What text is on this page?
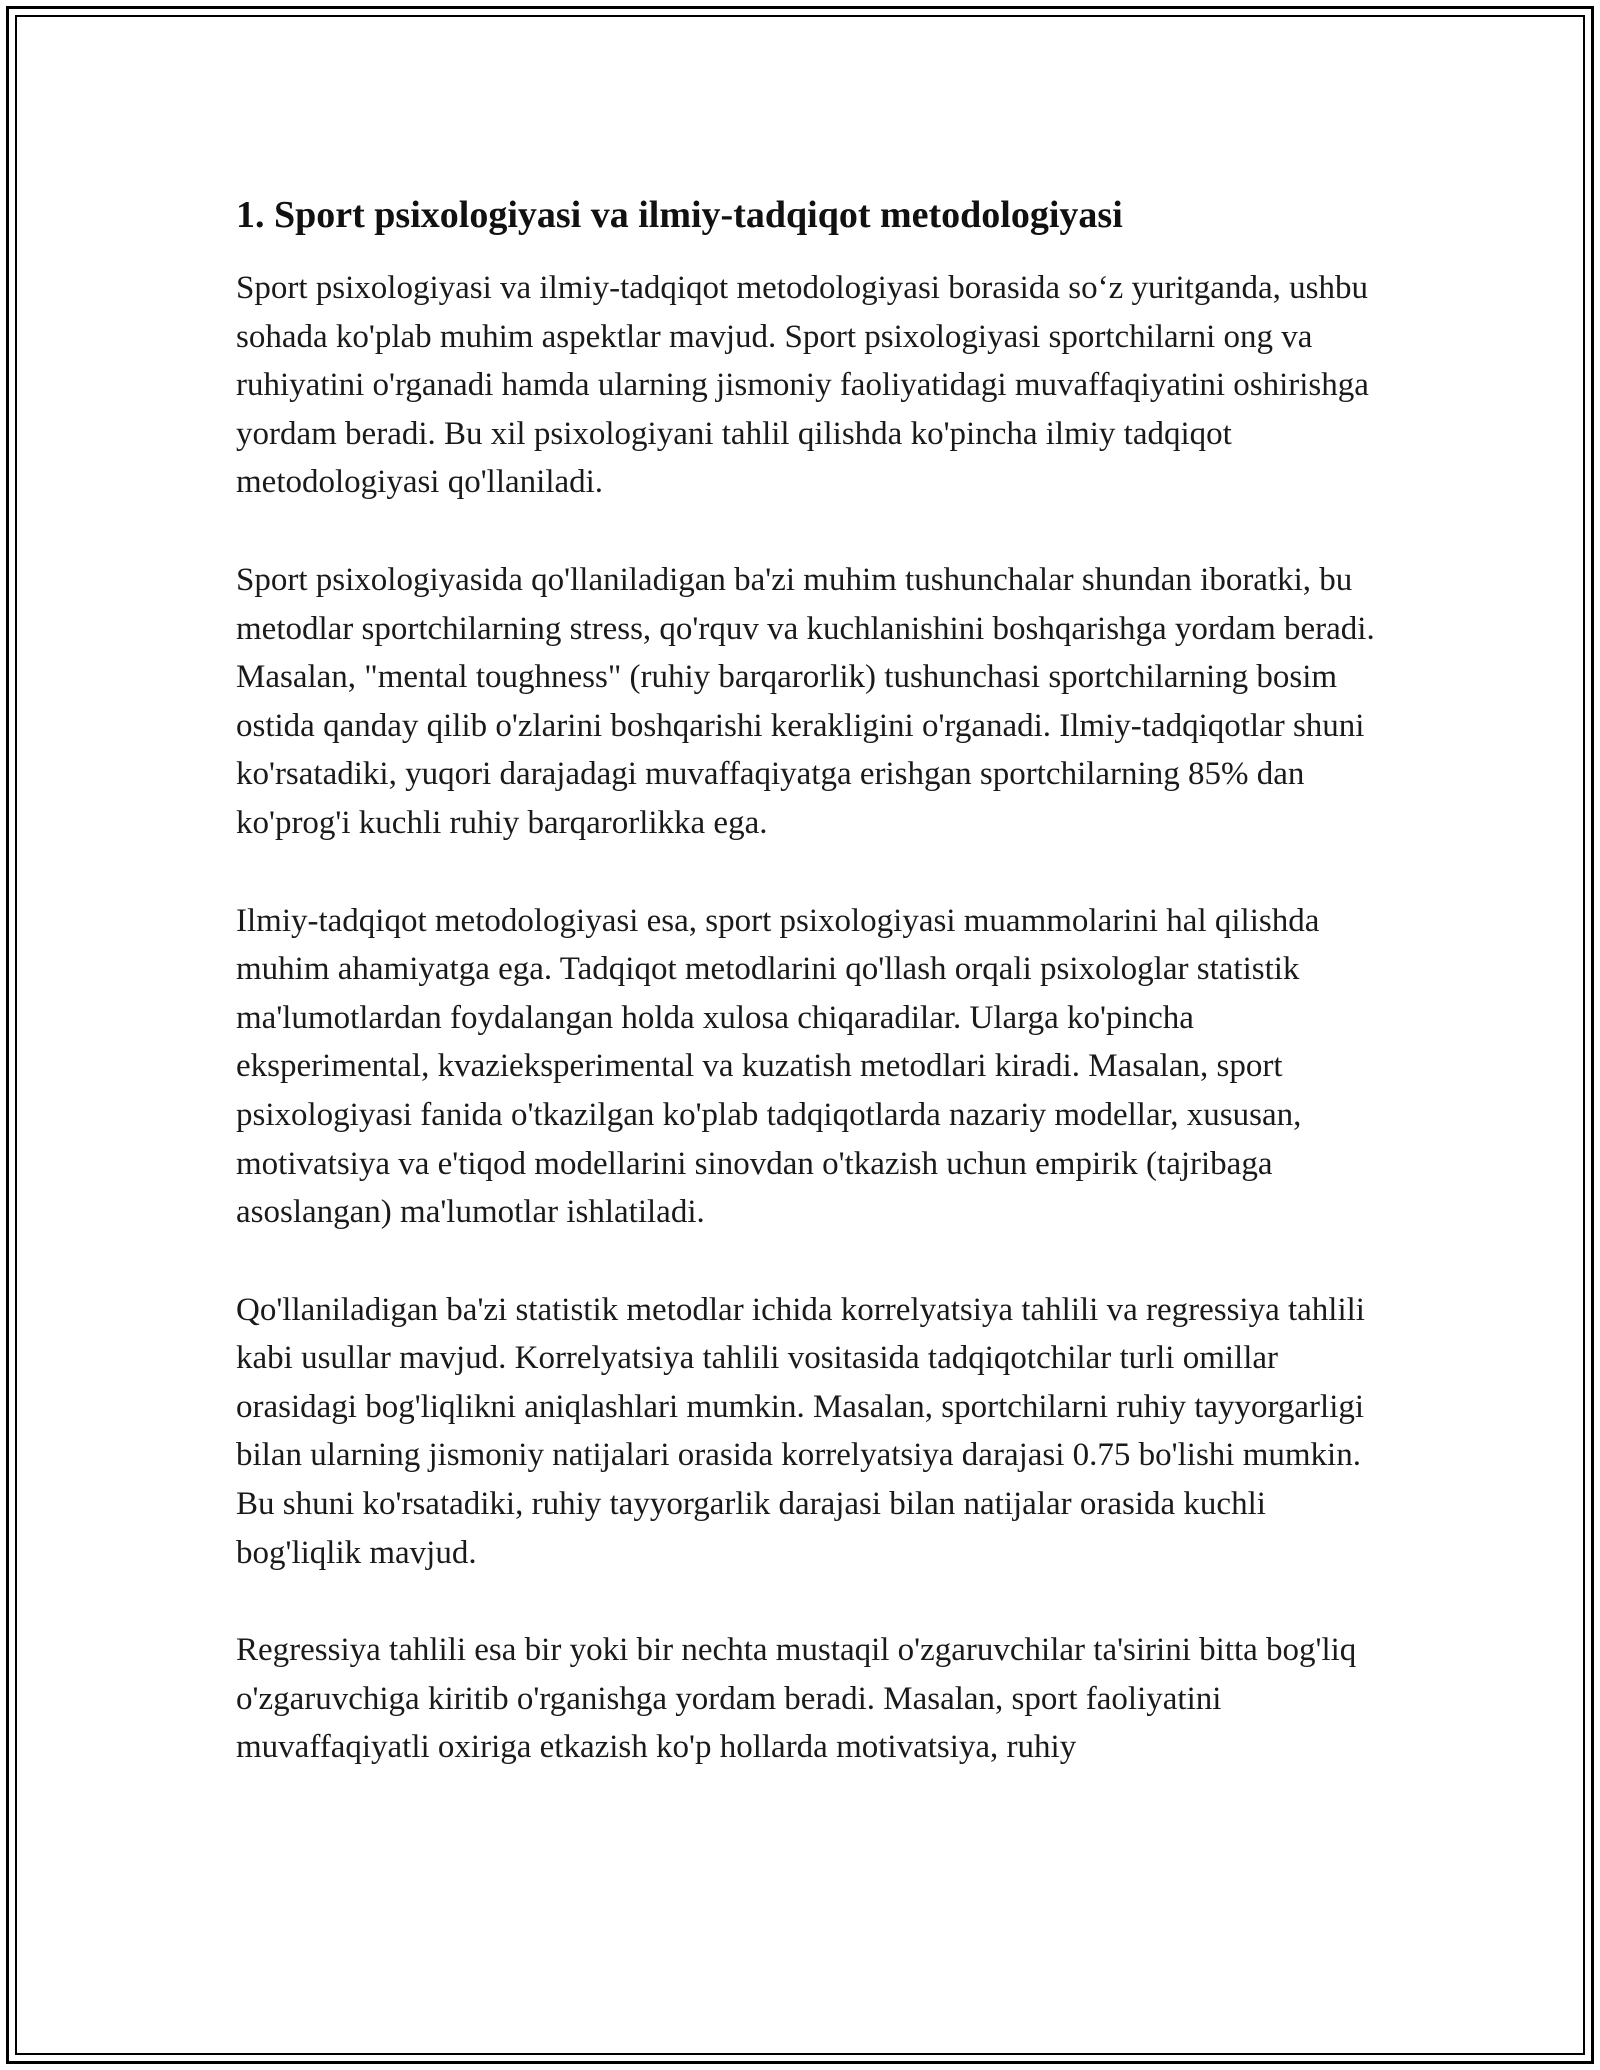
1. Sport psixologiyasi va ilmiy-tadqiqot metodologiyasi

Sport psixologiyasi va ilmiy-tadqiqot metodologiyasi borasida so‘z yuritganda, ushbu sohada ko'plab muhim aspektlar mavjud. Sport psixologiyasi sportchilarni ong va ruhiyatini o'rganadi hamda ularning jismoniy faoliyatidagi muvaffaqiyatini oshirishga yordam beradi. Bu xil psixologiyani tahlil qilishda ko'pincha ilmiy tadqiqot metodologiyasi qo'llaniladi.

Sport psixologiyasida qo'llaniladigan ba'zi muhim tushunchalar shundan iboratki, bu metodlar sportchilarning stress, qo'rquv va kuchlanishini boshqarishga yordam beradi. Masalan, "mental toughness" (ruhiy barqarorlik) tushunchasi sportchilarning bosim ostida qanday qilib o'zlarini boshqarishi kerakligini o'rganadi. Ilmiy-tadqiqotlar shuni ko'rsatadiki, yuqori darajadagi muvaffaqiyatga erishgan sportchilarning 85% dan ko'prog'i kuchli ruhiy barqarorlikka ega.

Ilmiy-tadqiqot metodologiyasi esa, sport psixologiyasi muammolarini hal qilishda muhim ahamiyatga ega. Tadqiqot metodlarini qo'llash orqali psixologlar statistik ma'lumotlardan foydalangan holda xulosa chiqaradilar. Ularga ko'pincha eksperimental, kvazieksperimental va kuzatish metodlari kiradi. Masalan, sport psixologiyasi fanida o'tkazilgan ko'plab tadqiqotlarda nazariy modellar, xususan, motivatsiya va e'tiqod modellarini sinovdan o'tkazish uchun empirik (tajribaga asoslangan) ma'lumotlar ishlatiladi.

Qo'llaniladigan ba'zi statistik metodlar ichida korrelyatsiya tahlili va regressiya tahlili kabi usullar mavjud. Korrelyatsiya tahlili vositasida tadqiqotchilar turli omillar orasidagi bog'liqlikni aniqlashlari mumkin. Masalan, sportchilarni ruhiy tayyorgarligi bilan ularning jismoniy natijalari orasida korrelyatsiya darajasi 0.75 bo'lishi mumkin. Bu shuni ko'rsatadiki, ruhiy tayyorgarlik darajasi bilan natijalar orasida kuchli bog'liqlik mavjud.

Regressiya tahlili esa bir yoki bir nechta mustaqil o'zgaruvchilar ta'sirini bitta bog'liq o'zgaruvchiga kiritib o'rganishga yordam beradi. Masalan, sport faoliyatini muvaffaqiyatli oxiriga etkazish ko'p hollarda motivatsiya, ruhiy
